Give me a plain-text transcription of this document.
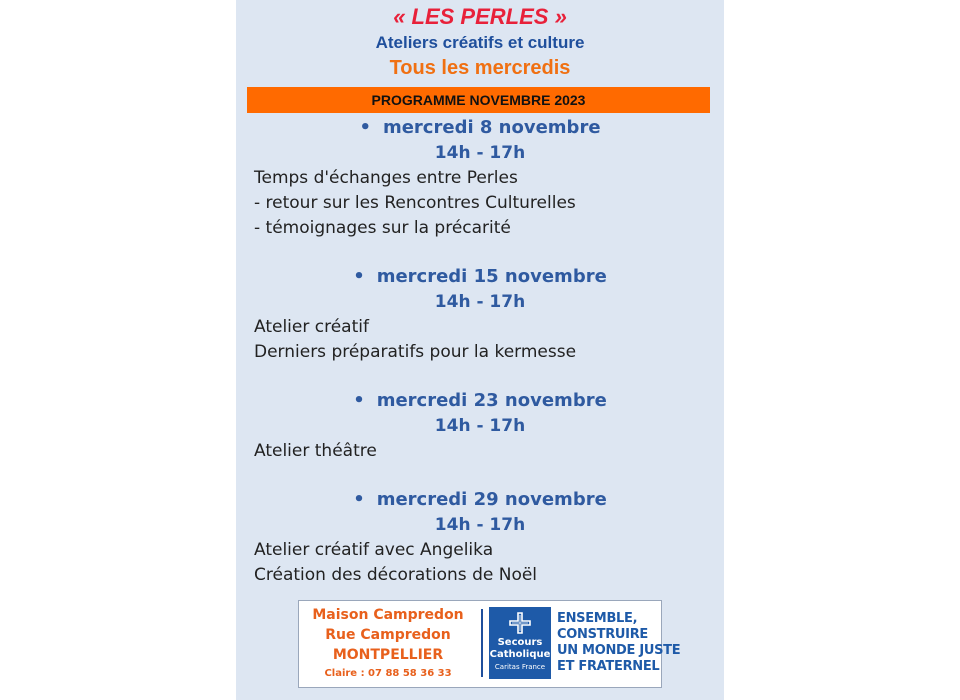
« LES PERLES »
Ateliers créatifs et culture
Tous les mercredis
PROGRAMME NOVEMBRE 2023
• mercredi 8 novembre
14h - 17h
Temps d'échanges entre Perles
- retour sur les Rencontres Culturelles
- témoignages sur la précarité
• mercredi 15 novembre
14h - 17h
Atelier créatif
Derniers préparatifs pour la kermesse
• mercredi 23 novembre
14h - 17h
Atelier théâtre
• mercredi 29 novembre
14h - 17h
Atelier créatif avec Angelika
Création des décorations de Noël
Maison Campredon
Rue Campredon
MONTPELLIER
Claire : 07 88 58 36 33
Secours
Catholique
Caritas France
ENSEMBLE,
CONSTRUIRE
UN MONDE JUSTE
ET FRATERNEL
